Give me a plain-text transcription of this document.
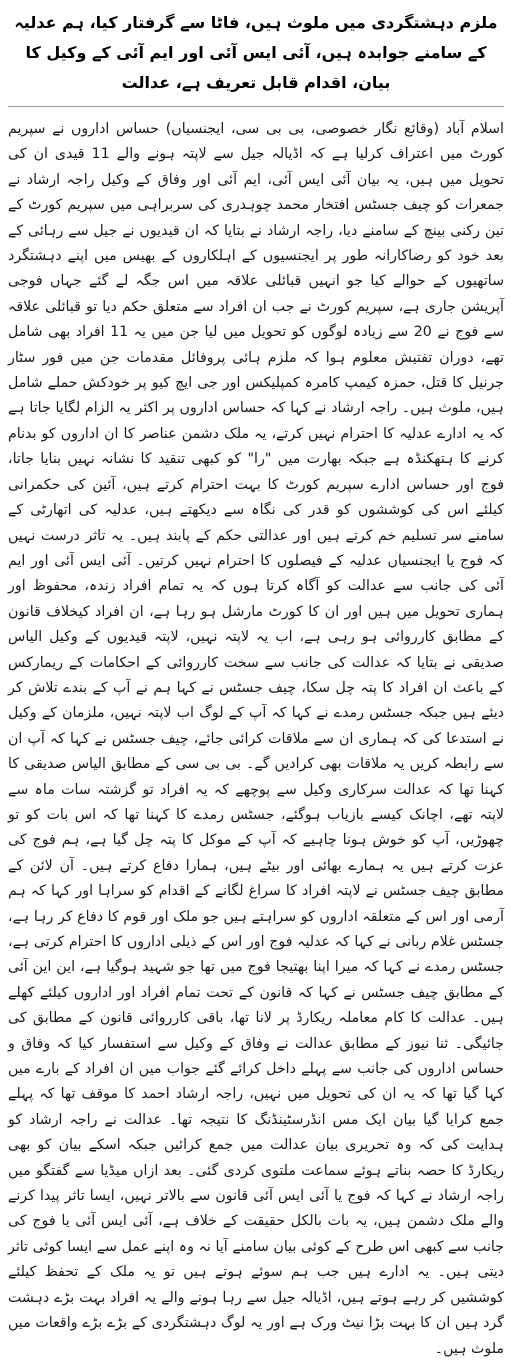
ملزم دہشتگردی میں ملوث ہیں، فاٹا سے گرفتار کیا، ہم عدلیہ کے سامنے جوابدہ ہیں، آئی ایس آئی اور ایم آئی کے وکیل کا بیان، اقدام قابل تعریف ہے، عدالت

اسلام آباد (وقائع نگار خصوصی، بی بی سی، ایجنسیاں) حساس اداروں نے سپریم کورٹ میں اعتراف کرلیا ہے کہ اڈیالہ جیل سے لاپتہ ہونے والے 11 قیدی ان کی تحویل میں ہیں، یہ بیان آئی ایس آئی، ایم آئی اور وفاق کے وکیل راجہ ارشاد نے جمعرات کو چیف جسٹس افتخار محمد چوہدری کی سربراہی میں سپریم کورٹ کے تین رکنی بینچ کے سامنے دیا، راجہ ارشاد نے بتایا کہ ان قیدیوں نے جیل سے رہائی کے بعد خود کو رضاکارانہ طور پر ایجنسیوں کے اہلکاروں کے بھیس میں اپنے دہشتگرد ساتھیوں کے حوالے کیا جو انہیں قبائلی علاقہ میں اس جگہ لے گئے جہاں فوجی آپریشن جاری ہے، سپریم کورٹ نے جب ان افراد سے متعلق حکم دیا تو قبائلی علاقہ سے فوج نے 20 سے زیادہ لوگوں کو تحویل میں لیا جن میں یہ 11 افراد بھی شامل تھے، دوران تفتیش معلوم ہوا کہ ملزم ہائی پروفائل مقدمات جن میں فور سٹار جرنیل کا قتل، حمزہ کیمپ کامرہ کمپلیکس اور جی ایچ کیو پر خودکش حملے شامل ہیں، ملوث ہیں۔ راجہ ارشاد نے کہا کہ حساس اداروں پر اکثر یہ الزام لگایا جاتا ہے کہ یہ ادارے عدلیہ کا احترام نہیں کرتے، یہ ملک دشمن عناصر کا ان اداروں کو بدنام کرنے کا ہتھکنڈہ ہے جبکہ بھارت میں "را" کو کبھی تنقید کا نشانہ نہیں بنایا جاتا، فوج اور حساس ادارے سپریم کورٹ کا بہت احترام کرتے ہیں، آئین کی حکمرانی کیلئے اس کی کوششوں کو قدر کی نگاہ سے دیکھتے ہیں، عدلیہ کی اتھارٹی کے سامنے سر تسلیم خم کرتے ہیں اور عدالتی حکم کے پابند ہیں۔ یہ تاثر درست نہیں کہ فوج یا ایجنسیاں عدلیہ کے فیصلوں کا احترام نہیں کرتیں۔ آئی ایس آئی اور ایم آئی کی جانب سے عدالت کو آگاہ کرتا ہوں کہ یہ تمام افراد زندہ، محفوظ اور ہماری تحویل میں ہیں اور ان کا کورٹ مارشل ہو رہا ہے، ان افراد کیخلاف قانون کے مطابق کارروائی ہو رہی ہے، اب یہ لاپتہ نہیں، لاپتہ قیدیوں کے وکیل الیاس صدیقی نے بتایا کہ عدالت کی جانب سے سخت کارروائی کے احکامات کے ریمارکس کے باعث ان افراد کا پتہ چل سکا، چیف جسٹس نے کہا ہم نے آپ کے بندے تلاش کر دیئے ہیں جبکہ جسٹس رمدے نے کہا کہ آپ کے لوگ اب لاپتہ نہیں، ملزمان کے وکیل نے استدعا کی کہ ہماری ان سے ملاقات کرائی جائے، چیف جسٹس نے کہا کہ آپ ان سے رابطہ کریں یہ ملاقات بھی کرادیں گے۔ بی بی سی کے مطابق الیاس صدیقی کا کہنا تھا کہ عدالت سرکاری وکیل سے پوچھے کہ یہ افراد تو گزشتہ سات ماہ سے لاپتہ تھے، اچانک کیسے بازیاب ہوگئے، جسٹس رمدے کا کہنا تھا کہ اس بات کو تو چھوڑیں، آپ کو خوش ہونا چاہیے کہ آپ کے موکل کا پتہ چل گیا ہے، ہم فوج کی عزت کرتے ہیں یہ ہمارے بھائی اور بیٹے ہیں، ہمارا دفاع کرتے ہیں۔ آن لائن کے مطابق چیف جسٹس نے لاپتہ افراد کا سراغ لگانے کے اقدام کو سراہا اور کہا کہ ہم آرمی اور اس کے متعلقہ اداروں کو سراہتے ہیں جو ملک اور قوم کا دفاع کر رہا ہے، جسٹس غلام ربانی نے کہا کہ عدلیہ فوج اور اس کے ذیلی اداروں کا احترام کرتی ہے، جسٹس رمدے نے کہا کہ میرا اپنا بھتیجا فوج میں تھا جو شہید ہوگیا ہے، این این آئی کے مطابق چیف جسٹس نے کہا کہ قانون کے تحت تمام افراد اور اداروں کیلئے کھلے ہیں۔ عدالت کا کام معاملہ ریکارڈ پر لانا تھا، باقی کارروائی قانون کے مطابق کی جائیگی۔ ثنا نیوز کے مطابق عدالت نے وفاق کے وکیل سے استفسار کیا کہ وفاق و حساس اداروں کی جانب سے پہلے داخل کرائے گئے جواب میں ان افراد کے بارے میں کہا گیا تھا کہ یہ ان کی تحویل میں نہیں، راجہ ارشاد احمد کا موقف تھا کہ پہلے جمع کرایا گیا بیان ایک مس انڈرسٹینڈنگ کا نتیجہ تھا۔ عدالت نے راجہ ارشاد کو ہدایت کی کہ وہ تحریری بیان عدالت میں جمع کرائیں جبکہ اسکے بیان کو بھی ریکارڈ کا حصہ بناتے ہوئے سماعت ملتوی کردی گئی۔ بعد ازاں میڈیا سے گفتگو میں راجہ ارشاد نے کہا کہ فوج یا آئی ایس آئی قانون سے بالاتر نہیں، ایسا تاثر پیدا کرنے والے ملک دشمن ہیں، یہ بات بالکل حقیقت کے خلاف ہے، آئی ایس آئی یا فوج کی جانب سے کبھی اس طرح کے کوئی بیان سامنے آیا نہ وہ اپنے عمل سے ایسا کوئی تاثر دیتی ہیں۔ یہ ادارے ہیں جب ہم سوئے ہوتے ہیں تو یہ ملک کے تحفظ کیلئے کوششیں کر رہے ہوتے ہیں، اڈیالہ جیل سے رہا ہونے والے یہ افراد بہت بڑے دہشت گرد ہیں ان کا بہت بڑا نیٹ ورک ہے اور یہ لوگ دہشتگردی کے بڑے بڑے واقعات میں ملوث ہیں۔
